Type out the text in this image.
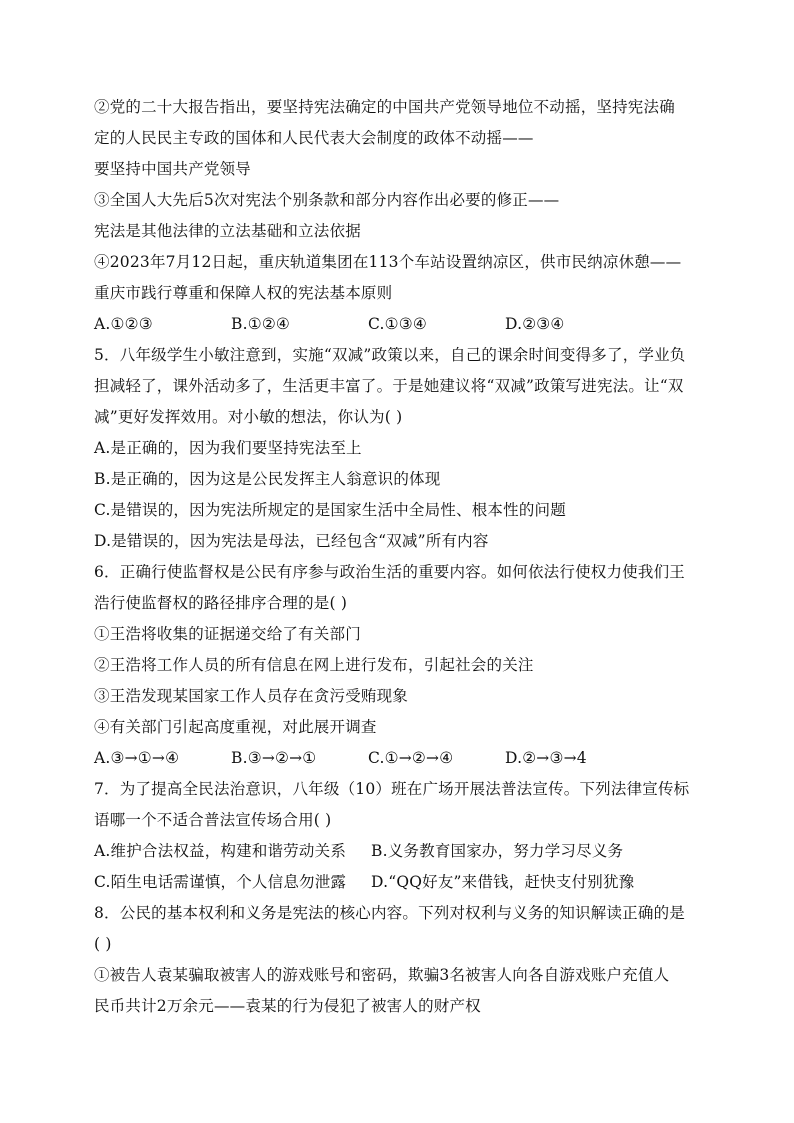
②党的二十大报告指出，要坚持宪法确定的中国共产党领导地位不动摇，坚持宪法确
定的人民民主专政的国体和人民代表大会制度的政体不动摇——
要坚持中国共产党领导
③全国人大先后5次对宪法个别条款和部分内容作出必要的修正——
宪法是其他法律的立法基础和立法依据
④2023年7月12日起，重庆轨道集团在113个车站设置纳凉区，供市民纳凉休憩——
重庆市践行尊重和保障人权的宪法基本原则
A.①②③	B.①②④	C.①③④	D.②③④
5．八年级学生小敏注意到，实施“双减”政策以来，自己的课余时间变得多了，学业负
担减轻了，课外活动多了，生活更丰富了。于是她建议将“双减”政策写进宪法。让“双
减”更好发挥效用。对小敏的想法，你认为( )
A.是正确的，因为我们要坚持宪法至上
B.是正确的，因为这是公民发挥主人翁意识的体现
C.是错误的，因为宪法所规定的是国家生活中全局性、根本性的问题
D.是错误的，因为宪法是母法，已经包含“双减”所有内容
6．正确行使监督权是公民有序参与政治生活的重要内容。如何依法行使权力使我们王
浩行使监督权的路径排序合理的是( )
①王浩将收集的证据递交给了有关部门
②王浩将工作人员的所有信息在网上进行发布，引起社会的关注
③王浩发现某国家工作人员存在贪污受贿现象
④有关部门引起高度重视，对此展开调查
A.③→①→④	B.③→②→①	C.①→②→④	D.②→③→4
7．为了提高全民法治意识，八年级（10）班在广场开展法普法宣传。下列法律宣传标
语哪一个不适合普法宣传场合用( )
A.维护合法权益，构建和谐劳动关系	B.义务教育国家办，努力学习尽义务
C.陌生电话需谨慎，个人信息勿泄露	D.“QQ好友”来借钱，赶快支付别犹豫
8．公民的基本权利和义务是宪法的核心内容。下列对权利与义务的知识解读正确的是
( )
①被告人袁某骗取被害人的游戏账号和密码，欺骗3名被害人向各自游戏账户充值人
民币共计2万余元——袁某的行为侵犯了被害人的财产权
